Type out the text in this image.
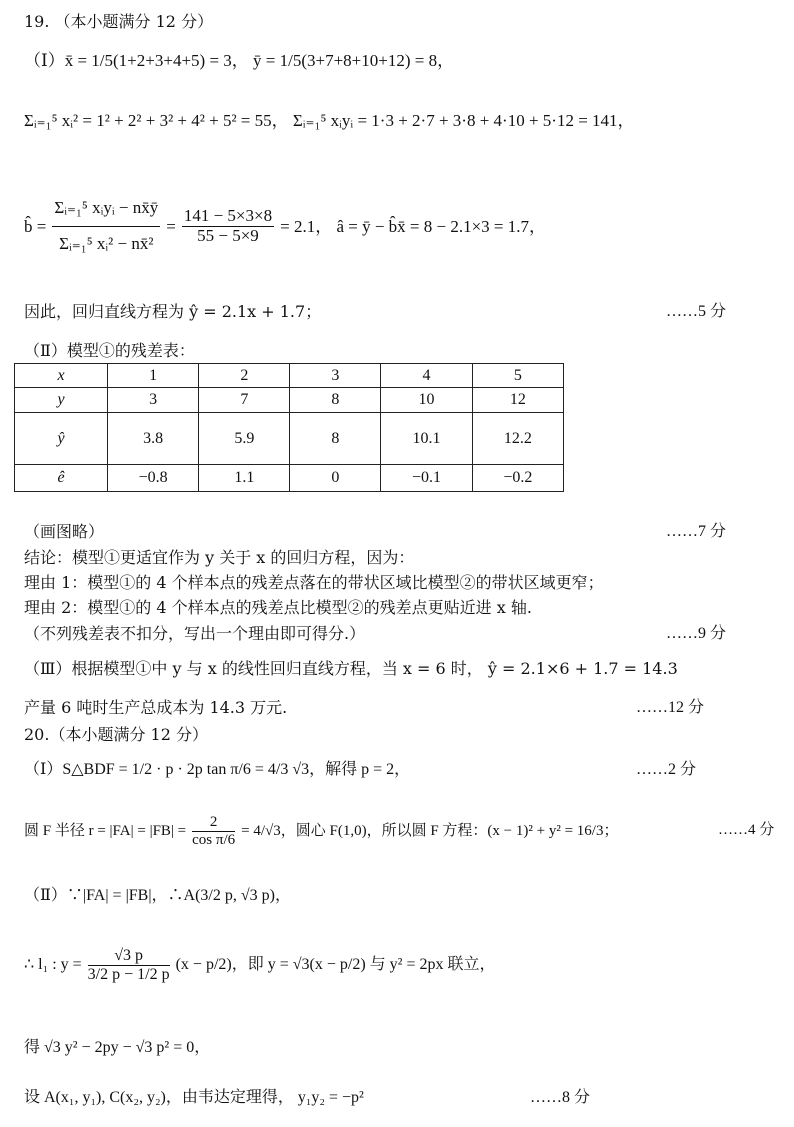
19. （本小题满分 12 分）
（Ⅰ）x̄ = 1/5(1+2+3+4+5) = 3， ȳ = 1/5(3+7+8+10+12) = 8，
Σᵢ₌₁⁵ xᵢ² = 1² + 2² + 3² + 4² + 5² = 55， Σᵢ₌₁⁵ xᵢyᵢ = 1·3 + 2·7 + 3·8 + 4·10 + 5·12 = 141，
b̂ = $\frac{\text{Σᵢ₌₁⁵ xᵢyᵢ − nx̄ȳ}}{\text{Σᵢ₌₁⁵ xᵢ² − nx̄²}} = \frac{141 - 5\times 3\times 8}{55 - 5\times 9} = 2.1$， â = ȳ − b̂x̄ = 8 − 2.1×3 = 1.7，
因此，回归直线方程为 ŷ = 2.1x + 1.7；	……5 分
（Ⅱ）模型①的残差表：
x	1	2	3	4	5
y	3	7	8	10	12
ŷ	3.8	5.9	8	10.1	12.2
ê	−0.8	1.1	0	−0.1	−0.2
（画图略）	……7 分
结论：模型①更适宜作为 y 关于 x 的回归方程，因为：
理由 1：模型①的 4 个样本点的残差点落在的带状区域比模型②的带状区域更窄；
理由 2：模型①的 4 个样本点的残差点比模型②的残差点更贴近进 x 轴.
（不列残差表不扣分，写出一个理由即可得分.）	……9 分
（Ⅲ）根据模型①中 y 与 x 的线性回归直线方程，当 x = 6 时， ŷ = 2.1×6 + 1.7 = 14.3
产量 6 吨时生产总成本为 14.3 万元.	……12 分
20.（本小题满分 12 分）
（Ⅰ）S△BDF = 1/2 · p · 2p tan π/6 = 4/3 √3，解得 p = 2，	……2 分
圆 F 半径 $r = |FA| = |FB| = \frac{2}{\text{cos π/6}} = 4/√3$，圆心 F(1,0)，所以圆 F 方程：(x − 1)² + y² = 16/3；	……4 分
（Ⅱ）∵|FA| = |FB|，∴A(3/2 p, √3 p)，
∴ l₁ : $y = \frac{√3 p}{3/2 p - 1/2 p} (x - p/2)$，即 y = √3(x − p/2) 与 y² = 2px 联立，
得 √3 y² − 2py − √3 p² = 0，
设 A(x₁, y₁), C(x₂, y₂)，由韦达定理得， y₁y₂ = −p²	……8 分
